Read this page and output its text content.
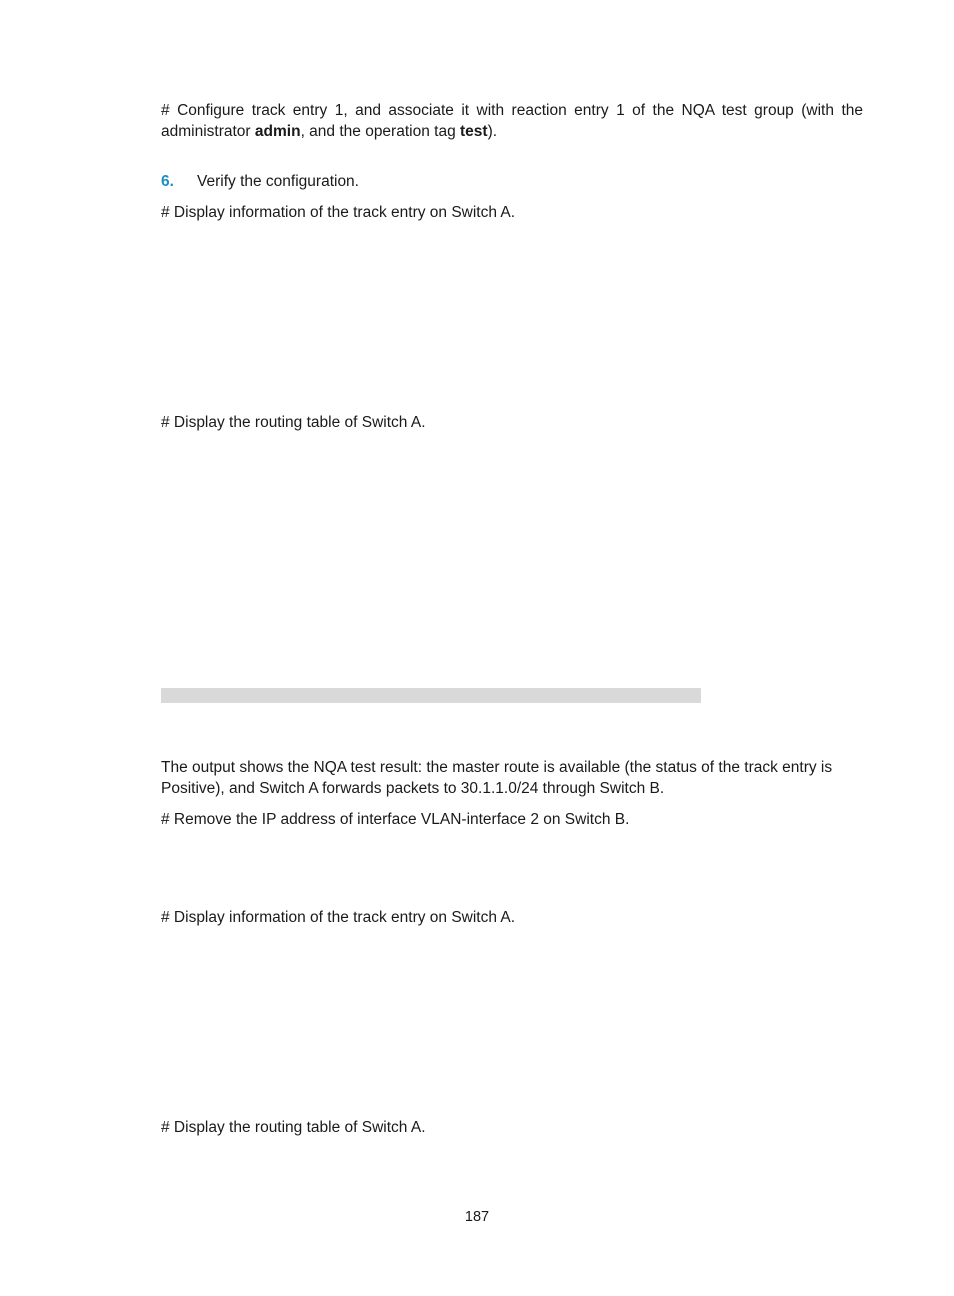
# Configure track entry 1, and associate it with reaction entry 1 of the NQA test group (with the administrator admin, and the operation tag test).

6. Verify the configuration.

# Display information of the track entry on Switch A.

# Display the routing table of Switch A.

The output shows the NQA test result: the master route is available (the status of the track entry is Positive), and Switch A forwards packets to 30.1.1.0/24 through Switch B.

# Remove the IP address of interface VLAN-interface 2 on Switch B.

# Display information of the track entry on Switch A.

# Display the routing table of Switch A.

187
